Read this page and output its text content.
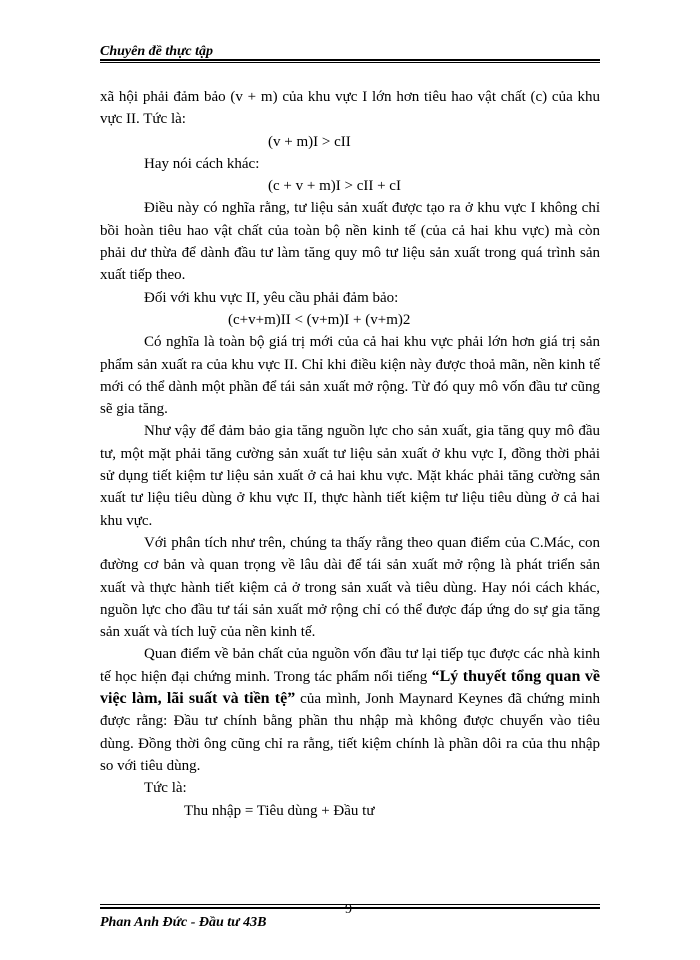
Chuyên đề thực tập

xã hội phải đảm bảo (v + m) của khu vực I lớn hơn tiêu hao vật chất (c) của khu vực II. Tức là:

(v + m)I > cII

Hay nói cách khác:

(c + v + m)I > cII + cI

Điều này có nghĩa rằng, tư liệu sản xuất được tạo ra ở khu vực I không chỉ bồi hoàn tiêu hao vật chất của toàn bộ nền kinh tế (của cả hai khu vực) mà còn phải dư thừa để dành đầu tư làm tăng quy mô tư liệu sản xuất trong quá trình sản xuất tiếp theo.

Đối với khu vực II, yêu cầu phải đảm bảo:

(c+v+m)II < (v+m)I + (v+m)2

Có nghĩa là toàn bộ giá trị mới của cả hai khu vực phải lớn hơn giá trị sản phẩm sản xuất ra của khu vực II. Chỉ khi điều kiện này được thoả mãn, nền kinh tế mới có thể dành một phần để tái sản xuất mở rộng. Từ đó quy mô vốn đầu tư cũng sẽ gia tăng.

Như vậy để đảm bảo gia tăng nguồn lực cho sản xuất, gia tăng quy mô đầu tư, một mặt phải tăng cường sản xuất tư liệu sản xuất ở khu vực I, đồng thời phải sử dụng tiết kiệm tư liệu sản xuất ở cả hai khu vực. Mặt khác phải tăng cường sản xuất tư liệu tiêu dùng ở khu vực II, thực hành tiết kiệm tư liệu tiêu dùng ở cả hai khu vực.

Với phân tích như trên, chúng ta thấy rằng theo quan điểm của C.Mác, con đường cơ bản và quan trọng về lâu dài để tái sản xuất mở rộng là phát triển sản xuất và thực hành tiết kiệm cả ở trong sản xuất và tiêu dùng. Hay nói cách khác, nguồn lực cho đầu tư tái sản xuất mở rộng chỉ có thể được đáp ứng do sự gia tăng sản xuất và tích luỹ của nền kinh tế.

Quan điểm về bản chất của nguồn vốn đầu tư lại tiếp tục được các nhà kinh tế học hiện đại chứng minh. Trong tác phẩm nổi tiếng “Lý thuyết tổng quan về việc làm, lãi suất và tiền tệ” của mình, Jonh Maynard Keynes đã chứng minh được rằng: Đầu tư chính bằng phần thu nhập mà không được chuyển vào tiêu dùng. Đồng thời ông cũng chỉ ra rằng, tiết kiệm chính là phần dôi ra của thu nhập so với tiêu dùng.

Tức là:

Thu nhập = Tiêu dùng + Đầu tư

Phan Anh Đức - Đầu tư 43B
9
